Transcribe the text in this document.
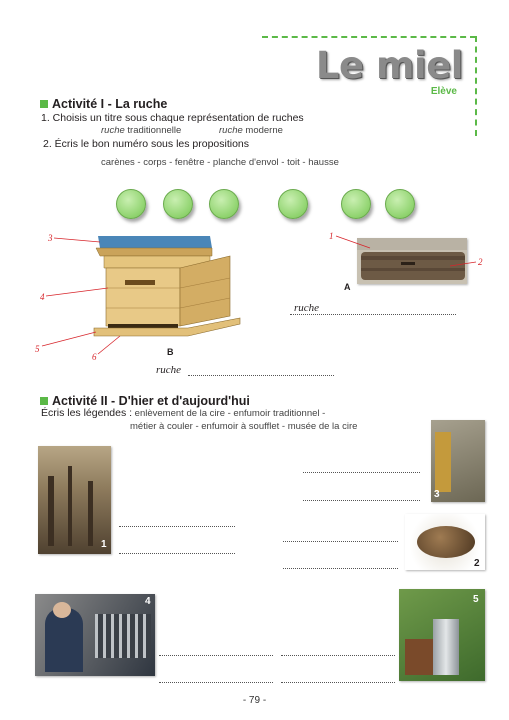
Le miel
Elève
Activité I - La ruche
1. Choisis un titre sous chaque représentation de ruches
ruche traditionnelle	ruche moderne
2. Écris le bon numéro sous les propositions
carènes - corps - fenêtre - planche d'envol - toit - hausse
3
4
5
6	B
ruche
1
2
A
ruche
Activité II - D'hier et d'aujourd'hui
Écris les légendes : enlèvement de la cire - enfumoir traditionnel -
métier à couler - enfumoir à soufflet - musée de la cire
1
3
2
4	5
- 79 -
